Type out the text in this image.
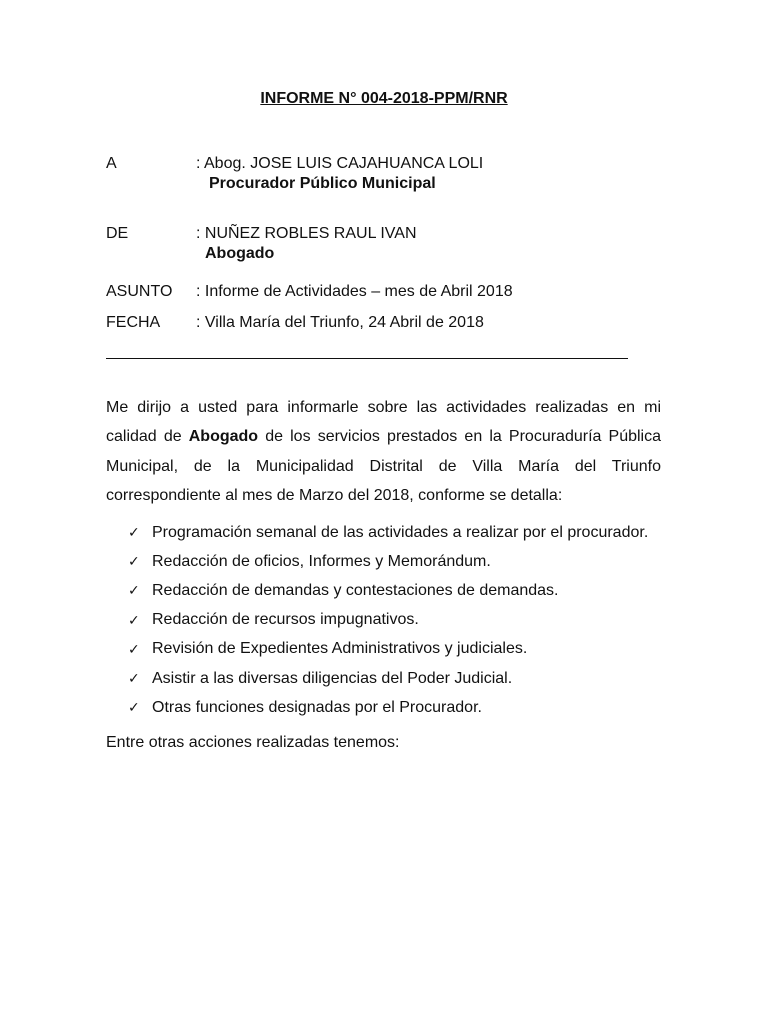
INFORME N° 004-2018-PPM/RNR
A	: Abog. JOSE LUIS CAJAHUANCA LOLI
Procurador Público Municipal
DE	: NUÑEZ ROBLES RAUL IVAN
Abogado
ASUNTO : Informe de Actividades – mes de Abril 2018
FECHA : Villa María del Triunfo, 24 Abril de 2018
Me dirijo a usted para informarle sobre las actividades realizadas en mi calidad de Abogado de los servicios prestados en la Procuraduría Pública Municipal, de la Municipalidad Distrital de Villa María del Triunfo correspondiente al mes de Marzo del 2018, conforme se detalla:
✓ Programación semanal de las actividades a realizar por el procurador.
✓ Redacción de oficios, Informes y Memorándum.
✓ Redacción de demandas y contestaciones de demandas.
✓ Redacción de recursos impugnativos.
✓ Revisión de Expedientes Administrativos y judiciales.
✓ Asistir a las diversas diligencias del Poder Judicial.
✓ Otras funciones designadas por el Procurador.
Entre otras acciones realizadas tenemos:
